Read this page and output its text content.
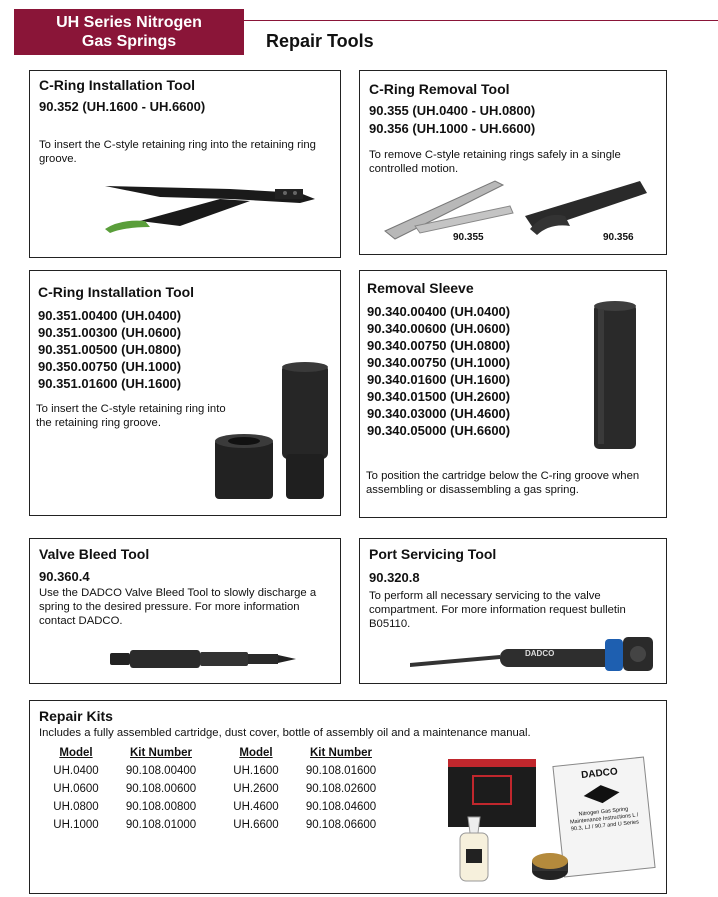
UH Series Nitrogen
Gas Springs	Repair Tools
C-Ring Installation Tool
90.352 (UH.1600 - UH.6600)
To insert the C-style retaining ring into the retaining ring groove.
C-Ring Removal Tool
90.355 (UH.0400 - UH.0800)
90.356 (UH.1000 - UH.6600)
To remove C-style retaining rings safely in a single controlled motion.
90.355	90.356
C-Ring Installation Tool
90.351.00400 (UH.0400)
90.351.00300 (UH.0600)
90.351.00500 (UH.0800)
90.350.00750 (UH.1000)
90.351.01600 (UH.1600)
To insert the C-style retaining ring into the retaining ring groove.
Removal Sleeve
90.340.00400 (UH.0400)
90.340.00600 (UH.0600)
90.340.00750 (UH.0800)
90.340.00750 (UH.1000)
90.340.01600 (UH.1600)
90.340.01500 (UH.2600)
90.340.03000 (UH.4600)
90.340.05000 (UH.6600)
To position the cartridge below the C-ring groove when assembling or disassembling a gas spring.
Valve Bleed Tool
90.360.4
Use the DADCO Valve Bleed Tool to slowly discharge a spring to the desired pressure. For more information contact DADCO.
Port Servicing Tool
90.320.8
To perform all necessary servicing to the valve compartment. For more information request bulletin B05110.
DADCO
Repair Kits
Includes a fully assembled cartridge, dust cover, bottle of assembly oil and a maintenance manual.
Model	Kit Number
UH.0400	90.108.00400
UH.0600	90.108.00600
UH.0800	90.108.00800
UH.1000	90.108.01000
Model	Kit Number
UH.1600	90.108.01600
UH.2600	90.108.02600
UH.4600	90.108.04600
UH.6600	90.108.06600
DADCO
Nitrogen Gas Spring Maintenance Instructions L / 90.3, LJ / 90.7 and U Series
